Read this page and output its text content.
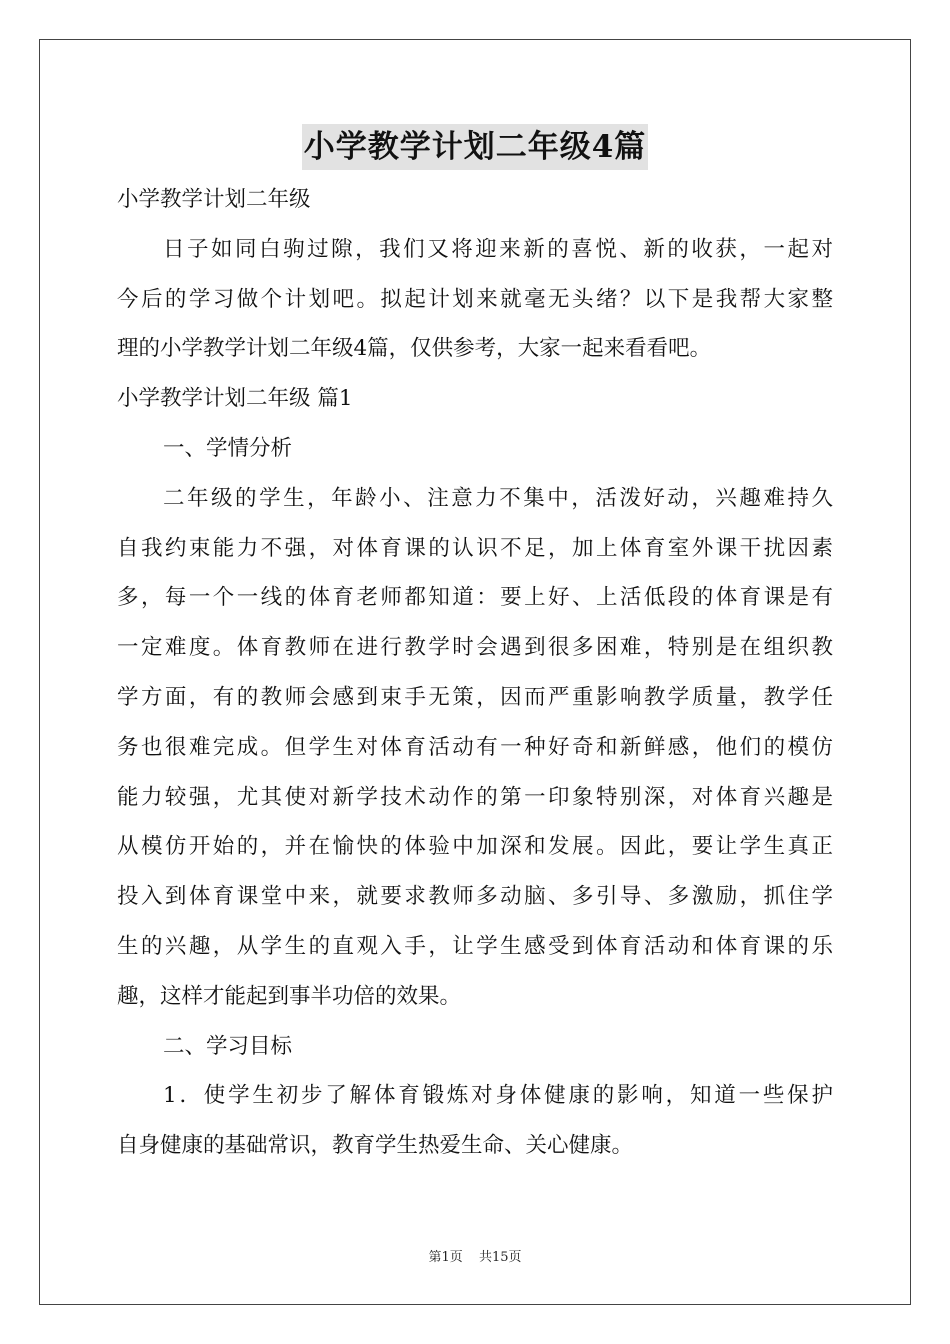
小学教学计划二年级4篇

小学教学计划二年级

日子如同白驹过隙，我们又将迎来新的喜悦、新的收获，一起对

今后的学习做个计划吧。拟起计划来就毫无头绪？以下是我帮大家整

理的小学教学计划二年级4篇，仅供参考，大家一起来看看吧。

小学教学计划二年级 篇1

一、学情分析

二年级的学生，年龄小、注意力不集中，活泼好动，兴趣难持久

自我约束能力不强，对体育课的认识不足，加上体育室外课干扰因素

多，每一个一线的体育老师都知道：要上好、上活低段的体育课是有

一定难度。体育教师在进行教学时会遇到很多困难，特别是在组织教

学方面，有的教师会感到束手无策，因而严重影响教学质量，教学任

务也很难完成。但学生对体育活动有一种好奇和新鲜感，他们的模仿

能力较强，尤其使对新学技术动作的第一印象特别深，对体育兴趣是

从模仿开始的，并在愉快的体验中加深和发展。因此，要让学生真正

投入到体育课堂中来，就要求教师多动脑、多引导、多激励，抓住学

生的兴趣，从学生的直观入手，让学生感受到体育活动和体育课的乐

趣，这样才能起到事半功倍的效果。

二、学习目标

1．使学生初步了解体育锻炼对身体健康的影响，知道一些保护

自身健康的基础常识，教育学生热爱生命、关心健康。

第1页 共15页
